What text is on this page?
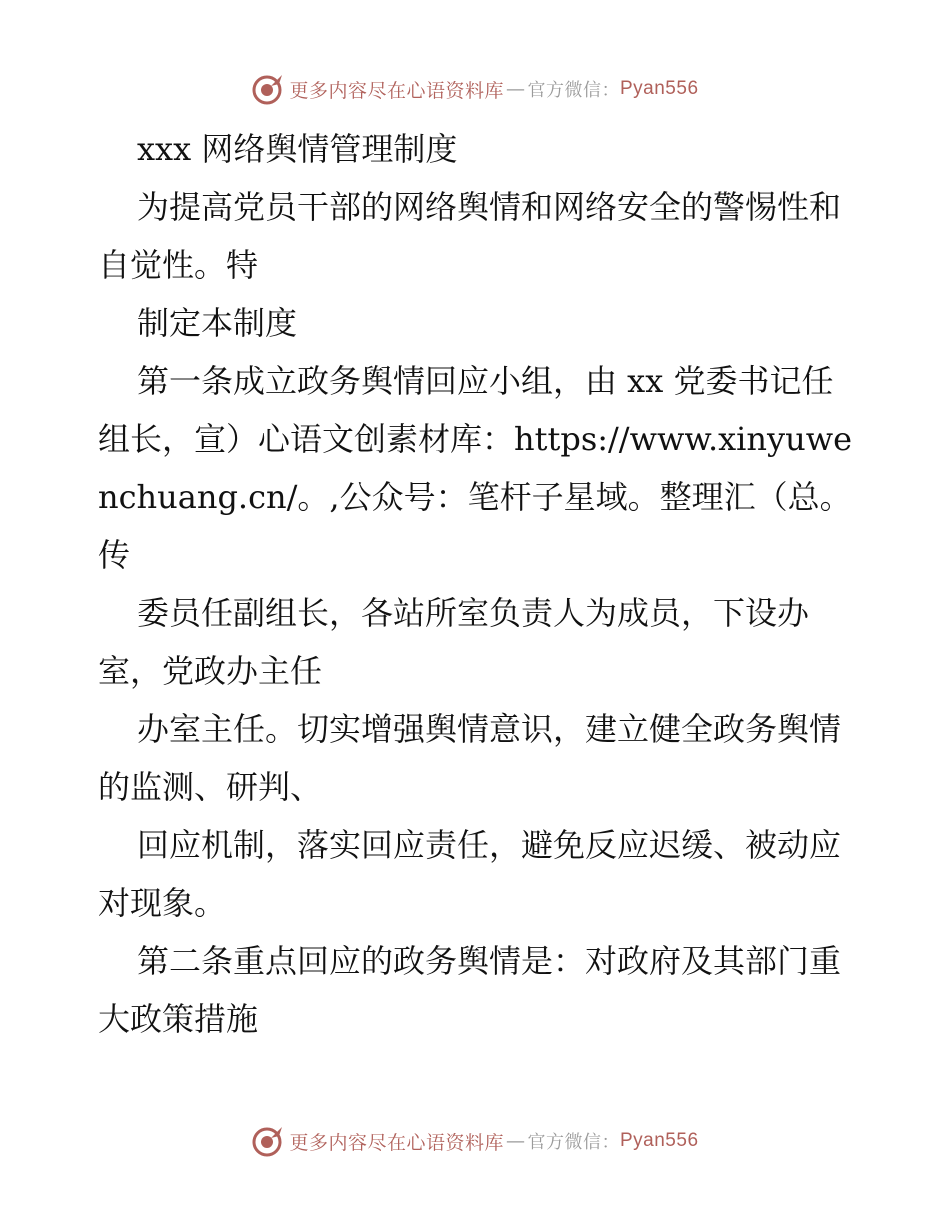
更多内容尽在心语资料库 — 官方微信： Pyan556

xxx 网络舆情管理制度

为提高党员干部的网络舆情和网络安全的警惕性和自觉性。特

制定本制度

第一条成立政务舆情回应小组，由 xx 党委书记任组长，宣）心语文创素材库：https://www.xinyuwenchuang.cn/。,公众号：笔杆子星域。整理汇（总。传

委员任副组长，各站所室负责人为成员，下设办室，党政办主任

办室主任。切实增强舆情意识，建立健全政务舆情的监测、研判、

回应机制，落实回应责任，避免反应迟缓、被动应对现象。

第二条重点回应的政务舆情是：对政府及其部门重大政策措施

更多内容尽在心语资料库 — 官方微信： Pyan556
